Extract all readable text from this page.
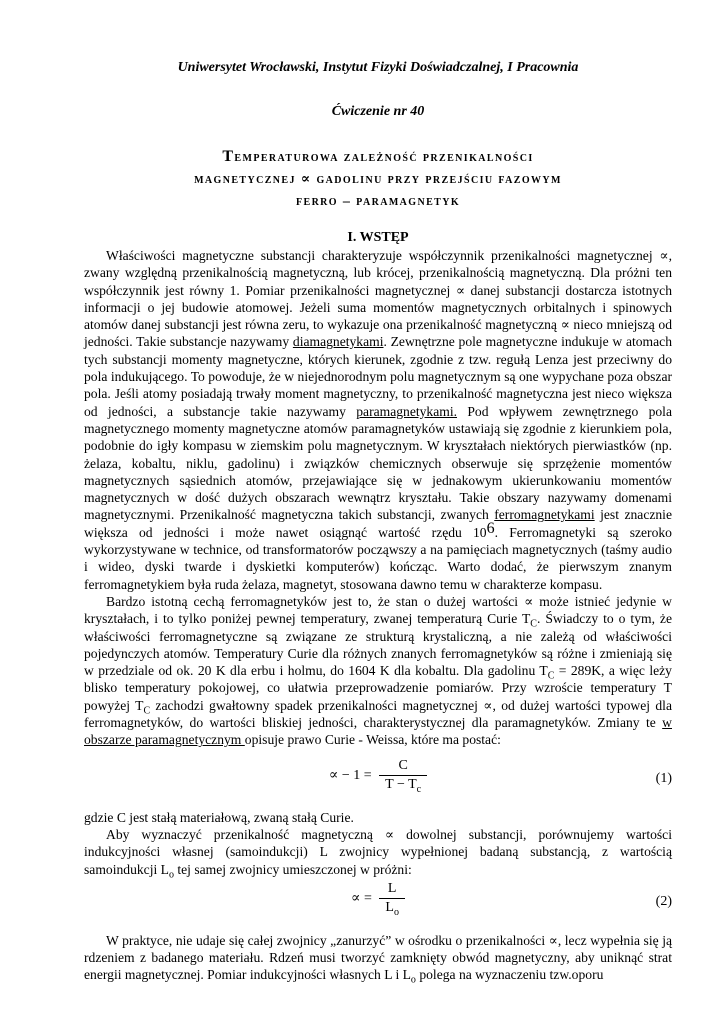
Uniwersytet Wrocławski, Instytut Fizyki Doświadczalnej, I Pracownia

Ćwiczenie nr 40

Temperaturowa zależność przenikalności
magnetycznej ∝ gadolinu przy przejściu fazowym
ferro – paramagnetyk

I. WSTĘP

Właściwości magnetyczne substancji charakteryzuje współczynnik przenikalności magnetycznej ∝, zwany względną przenikalnością magnetyczną, lub krócej, przenikalnością magnetyczną. Dla próżni ten współczynnik jest równy 1. Pomiar przenikalności magnetycznej ∝ danej substancji dostarcza istotnych informacji o jej budowie atomowej. Jeżeli suma momentów magnetycznych orbitalnych i spinowych atomów danej substancji jest równa zeru, to wykazuje ona przenikalność magnetyczną ∝ nieco mniejszą od jedności. Takie substancje nazywamy diamagnetykami. Zewnętrzne pole magnetyczne indukuje w atomach tych substancji momenty magnetyczne, których kierunek, zgodnie z tzw. regułą Lenza jest przeciwny do pola indukującego. To powoduje, że w niejednorodnym polu magnetycznym są one wypychane poza obszar pola. Jeśli atomy posiadają trwały moment magnetyczny, to przenikalność magnetyczna jest nieco większa od jedności, a substancje takie nazywamy paramagnetykami. Pod wpływem zewnętrznego pola magnetycznego momenty magnetyczne atomów paramagnetyków ustawiają się zgodnie z kierunkiem pola, podobnie do igły kompasu w ziemskim polu magnetycznym. W kryształach niektórych pierwiastków (np. żelaza, kobaltu, niklu, gadolinu) i związków chemicznych obserwuje się sprzężenie momentów magnetycznych sąsiednich atomów, przejawiające się w jednakowym ukierunkowaniu momentów magnetycznych w dość dużych obszarach wewnątrz kryształu. Takie obszary nazywamy domenami magnetycznymi. Przenikalność magnetyczna takich substancji, zwanych ferromagnetykami jest znacznie większa od jedności i może nawet osiągnąć wartość rzędu $10^6$. Ferromagnetyki są szeroko wykorzystywane w technice, od transformatorów począwszy a na pamięciach magnetycznych (taśmy audio i wideo, dyski twarde i dyskietki komputerów) kończąc. Warto dodać, że pierwszym znanym ferromagnetykiem była ruda żelaza, magnetyt, stosowana dawno temu w charakterze kompasu.

Bardzo istotną cechą ferromagnetyków jest to, że stan o dużej wartości ∝ może istnieć jedynie w kryształach, i to tylko poniżej pewnej temperatury, zwanej temperaturą Curie $T_C$. Świadczy to o tym, że właściwości ferromagnetyczne są związane ze strukturą krystaliczną, a nie zależą od właściwości pojedynczych atomów. Temperatury Curie dla różnych znanych ferromagnetyków są różne i zmieniają się w przedziale od ok. 20 K dla erbu i holmu, do 1604 K dla kobaltu. Dla gadolinu $T_C = 289K$, a więc leży blisko temperatury pokojowej, co ułatwia przeprowadzenie pomiarów. Przy wzroście temperatury T powyżej $T_C$ zachodzi gwałtowny spadek przenikalności magnetycznej ∝, od dużej wartości typowej dla ferromagnetyków, do wartości bliskiej jedności, charakterystycznej dla paramagnetyków. Zmiany te w obszarze paramagnetycznym opisuje prawo Curie - Weissa, które ma postać:

∝ − $1 = \frac{C}{T - T_c}$	(1)

gdzie C jest stałą materiałową, zwaną stałą Curie.

Aby wyznaczyć przenikalność magnetyczną ∝ dowolnej substancji, porównujemy wartości indukcyjności własnej (samoindukcji) L zwojnicy wypełnionej badaną substancją, z wartością samoindukcji $L_o$ tej samej zwojnicy umieszczonej w próżni:

∝ = $\frac{L}{L_o}$	(2)

W praktyce, nie udaje się całej zwojnicy „zanurzyć” w ośrodku o przenikalności ∝, lecz wypełnia się ją rdzeniem z badanego materiału. Rdzeń musi tworzyć zamknięty obwód magnetyczny, aby uniknąć strat energii magnetycznej. Pomiar indukcyjności własnych L i $L_o$ polega na wyznaczeniu tzw.oporu
